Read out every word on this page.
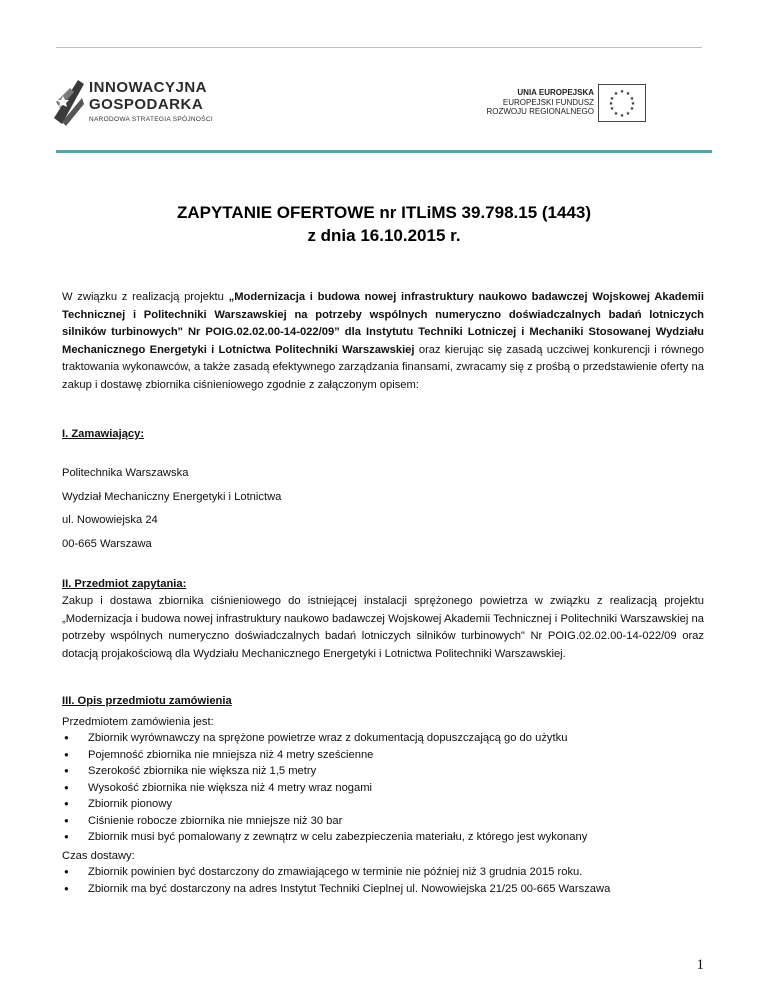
INNOWACYJNA
GOSPODARKA
NARODOWA STRATEGIA SPÓJNOŚCI
UNIA EUROPEJSKA
EUROPEJSKI FUNDUSZ
ROZWOJU REGIONALNEGO
★ ★
★
★
★
★
★
★
★
★
★
★
ZAPYTANIE OFERTOWE nr ITLiMS 39.798.15 (1443)
z dnia 16.10.2015 r.
W związku z realizacją projektu „Modernizacja i budowa nowej infrastruktury naukowo badawczej Wojskowej Akademii Technicznej i Politechniki Warszawskiej na potrzeby wspólnych numeryczno doświadczalnych badań lotniczych silników turbinowych" Nr POIG.02.02.00-14-022/09” dla Instytutu Techniki Lotniczej i Mechaniki Stosowanej Wydziału Mechanicznego Energetyki i Lotnictwa Politechniki Warszawskiej oraz kierując się zasadą uczciwej konkurencji i równego traktowania wykonawców, a także zasadą efektywnego zarządzania finansami, zwracamy się z prośbą o przedstawienie oferty na zakup i dostawę zbiornika ciśnieniowego zgodnie z załączonym opisem:
I. Zamawiający:
Politechnika Warszawska
Wydział Mechaniczny Energetyki i Lotnictwa
ul. Nowowiejska 24
00-665 Warszawa
II. Przedmiot zapytania:
Zakup i dostawa zbiornika ciśnieniowego do istniejącej instalacji sprężonego powietrza w związku z realizacją projektu „Modernizacja i budowa nowej infrastruktury naukowo badawczej Wojskowej Akademii Technicznej i Politechniki Warszawskiej na potrzeby wspólnych numeryczno doświadczalnych badań lotniczych silników turbinowych" Nr POIG.02.02.00-14-022/09 oraz dotacją projakościową dla Wydziału Mechanicznego Energetyki i Lotnictwa Politechniki Warszawskiej.
III. Opis przedmiotu zamówienia
Przedmiotem zamówienia jest:
● Zbiornik wyrównawczy na sprężone powietrze wraz z dokumentacją dopuszczającą go do użytku
● Pojemność zbiornika nie mniejsza niż 4 metry sześcienne
● Szerokość zbiornika nie większa niż 1,5 metry
● Wysokość zbiornika nie większa niż 4 metry wraz nogami
● Zbiornik pionowy
● Ciśnienie robocze zbiornika nie mniejsze niż 30 bar
● Zbiornik musi być pomalowany z zewnątrz w celu zabezpieczenia materiału, z którego jest wykonany
Czas dostawy:
● Zbiornik powinien być dostarczony do zmawiającego w terminie nie później niż 3 grudnia 2015 roku.
● Zbiornik ma być dostarczony na adres Instytut Techniki Cieplnej ul. Nowowiejska 21/25 00-665 Warszawa
1
